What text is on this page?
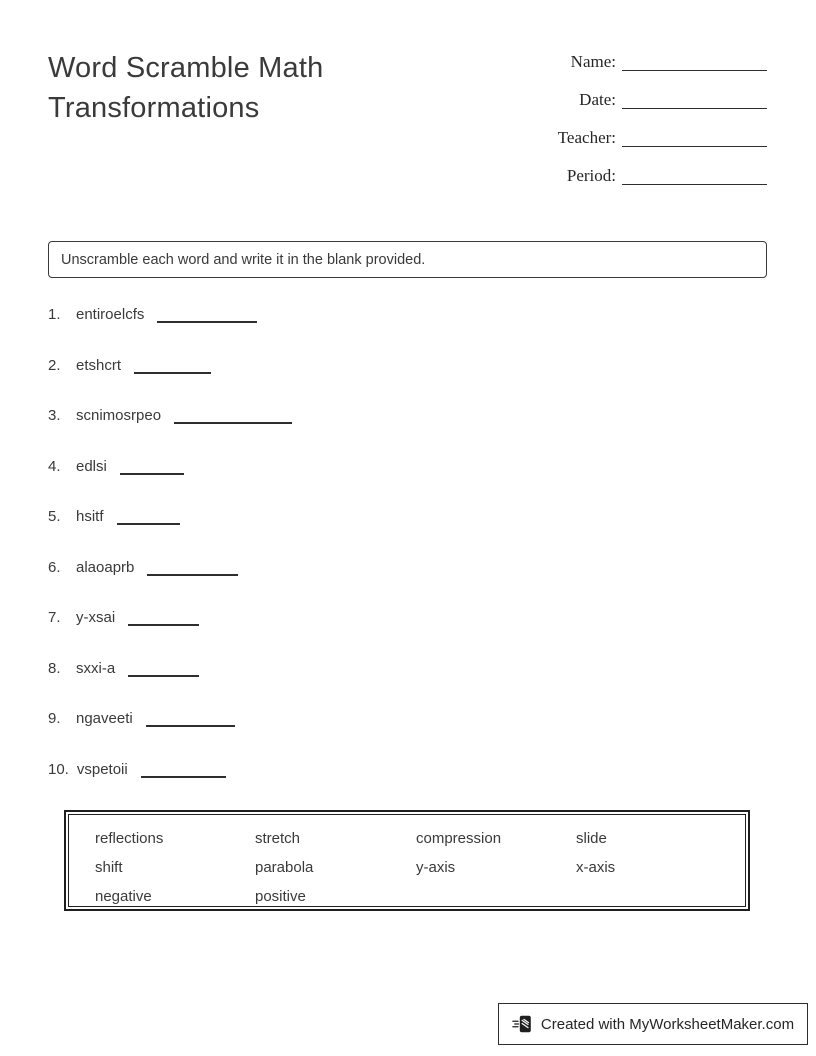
Word Scramble Math Transformations
Name:
Date:
Teacher:
Period:
Unscramble each word and write it in the blank provided.
1.	entiroelcfs
2.	etshcrt
3.	scnimosrpeo
4.	edlsi
5.	hsitf
6.	alaoaprb
7.	y-xsai
8.	sxxi-a
9.	ngaveeti
10. vspetoii
reflections	stretch	compression	slide
shift	parabola	y-axis	x-axis
negative	positive
Created with MyWorksheetMaker.com
